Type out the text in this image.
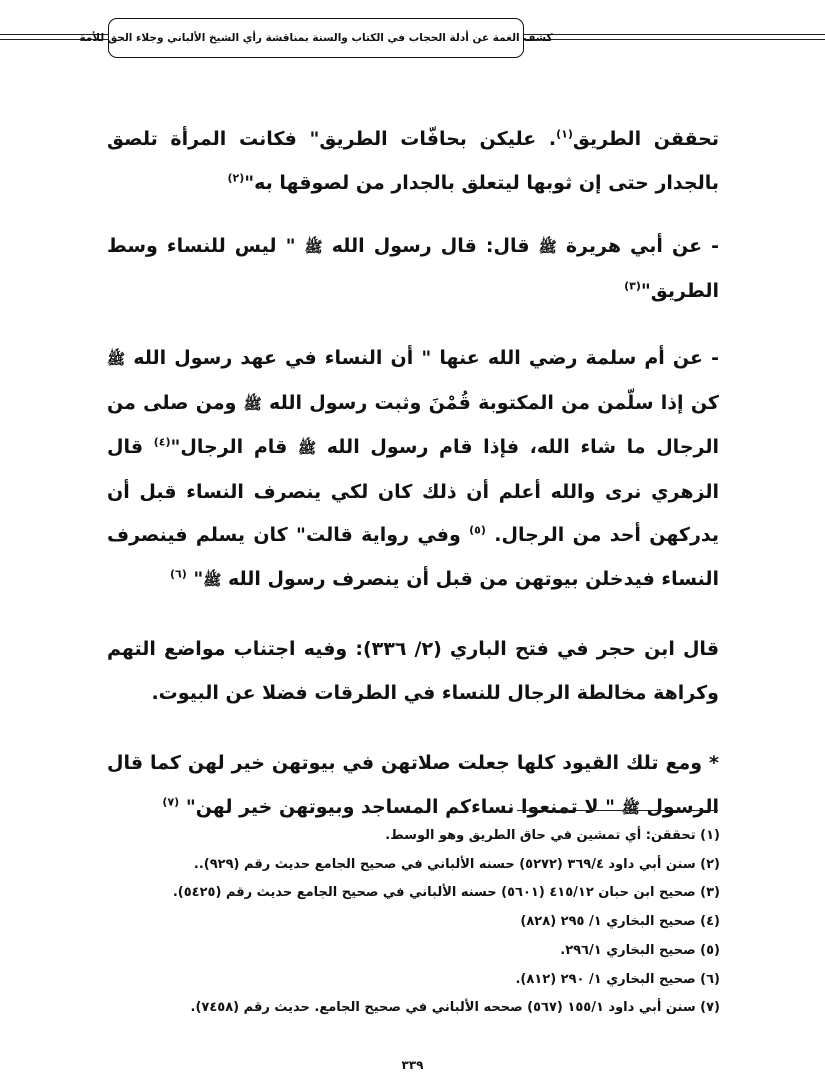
كشف الغمة عن أدلة الحجاب في الكتاب والسنة بمناقشة رأي الشيخ الألباني وجلاء الحق للأمة

تحققن الطريق$^{(١)}$. عليكن بحافّات الطريق" فكانت المرأة تلصق بالجدار حتى إن ثوبها ليتعلق بالجدار من لصوقها به"$^{(٢)}$

- عن أبي هريرة ﷺ قال: قال رسول الله ﷺ " ليس للنساء وسط الطريق"$^{(٣)}$

- عن أم سلمة رضي الله عنها " أن النساء في عهد رسول الله ﷺ كن إذا سلّمن من المكتوبة قُمْنَ وثبت رسول الله ﷺ ومن صلى من الرجال ما شاء الله، فإذا قام رسول الله ﷺ قام الرجال"$^{(٤)}$ قال الزهري نرى والله أعلم أن ذلك كان لكي ينصرف النساء قبل أن يدركهن أحد من الرجال. $^{(٥)}$ وفي رواية قالت" كان يسلم فينصرف النساء فيدخلن بيوتهن من قبل أن ينصرف رسول الله ﷺ" $^{(٦)}$

قال ابن حجر في فتح الباري (٢/ ٣٣٦): وفيه اجتناب مواضع التهم وكراهة مخالطة الرجال للنساء في الطرقات فضلا عن البيوت.

* ومع تلك القيود كلها جعلت صلاتهن في بيوتهن خير لهن كما قال الرسول ﷺ " لا تمنعوا نساءكم المساجد وبيوتهن خير لهن" $^{(٧)}$

(١) تحققن: أي تمشين في حاق الطريق وهو الوسط.
(٢) سنن أبي داود ٣٦٩/٤ (٥٢٧٢) حسنه الألباني في صحيح الجامع حديث رقم (٩٢٩)..
(٣) صحيح ابن حبان ٤١٥/١٢ (٥٦٠١) حسنه الألباني في صحيح الجامع حديث رقم (٥٤٢٥).
(٤) صحيح البخاري ١/ ٢٩٥ (٨٢٨)
(٥) صحيح البخاري ٢٩٦/١.
(٦) صحيح البخاري ١/ ٢٩٠ (٨١٢).
(٧) سنن أبي داود ١٥٥/١ (٥٦٧) صححه الألباني في صحيح الجامع. حديث رقم (٧٤٥٨).
٣٣٩
